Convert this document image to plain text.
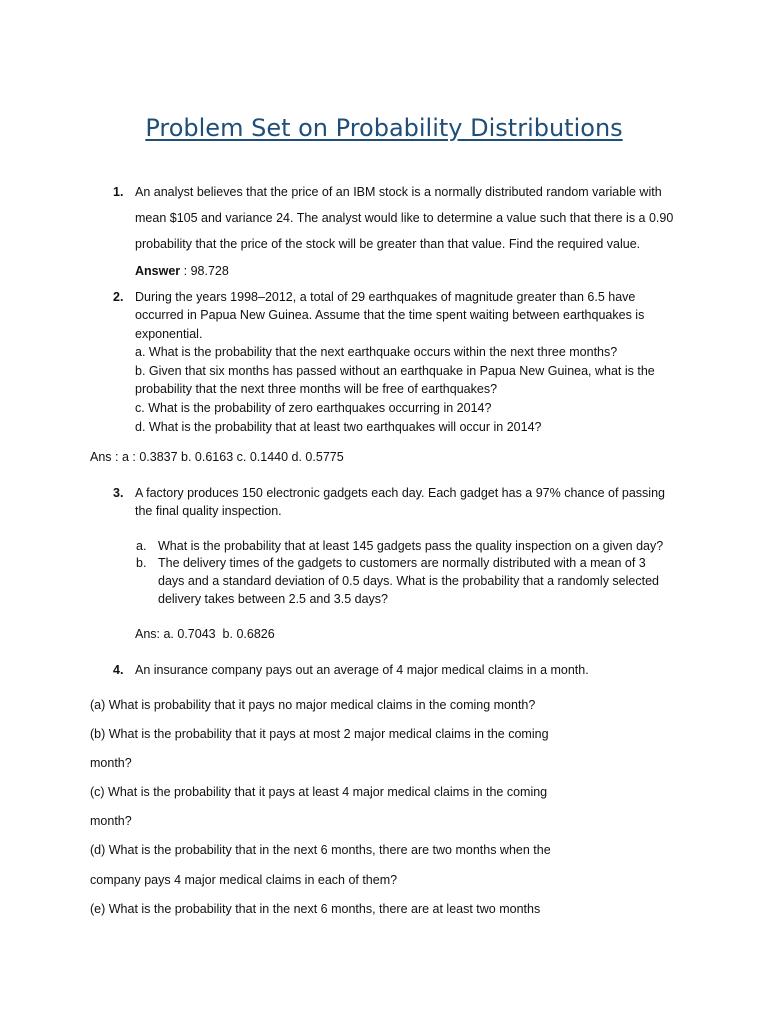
Problem Set on Probability Distributions
1. An analyst believes that the price of an IBM stock is a normally distributed random variable with
mean $105 and variance 24. The analyst would like to determine a value such that there is a 0.90
probability that the price of the stock will be greater than that value. Find the required value.
Answer : 98.728
2. During the years 1998–2012, a total of 29 earthquakes of magnitude greater than 6.5 have
occurred in Papua New Guinea. Assume that the time spent waiting between earthquakes is
exponential.
a. What is the probability that the next earthquake occurs within the next three months?
b. Given that six months has passed without an earthquake in Papua New Guinea, what is the
probability that the next three months will be free of earthquakes?
c. What is the probability of zero earthquakes occurring in 2014?
d. What is the probability that at least two earthquakes will occur in 2014?
Ans : a : 0.3837 b. 0.6163 c. 0.1440 d. 0.5775
3. A factory produces 150 electronic gadgets each day. Each gadget has a 97% chance of passing
the final quality inspection.
a. What is the probability that at least 145 gadgets pass the quality inspection on a given day?
b. The delivery times of the gadgets to customers are normally distributed with a mean of 3
days and a standard deviation of 0.5 days. What is the probability that a randomly selected
delivery takes between 2.5 and 3.5 days?
Ans: a. 0.7043  b. 0.6826
4. An insurance company pays out an average of 4 major medical claims in a month.
(a) What is probability that it pays no major medical claims in the coming month?
(b) What is the probability that it pays at most 2 major medical claims in the coming
month?
(c) What is the probability that it pays at least 4 major medical claims in the coming
month?
(d) What is the probability that in the next 6 months, there are two months when the
company pays 4 major medical claims in each of them?
(e) What is the probability that in the next 6 months, there are at least two months
